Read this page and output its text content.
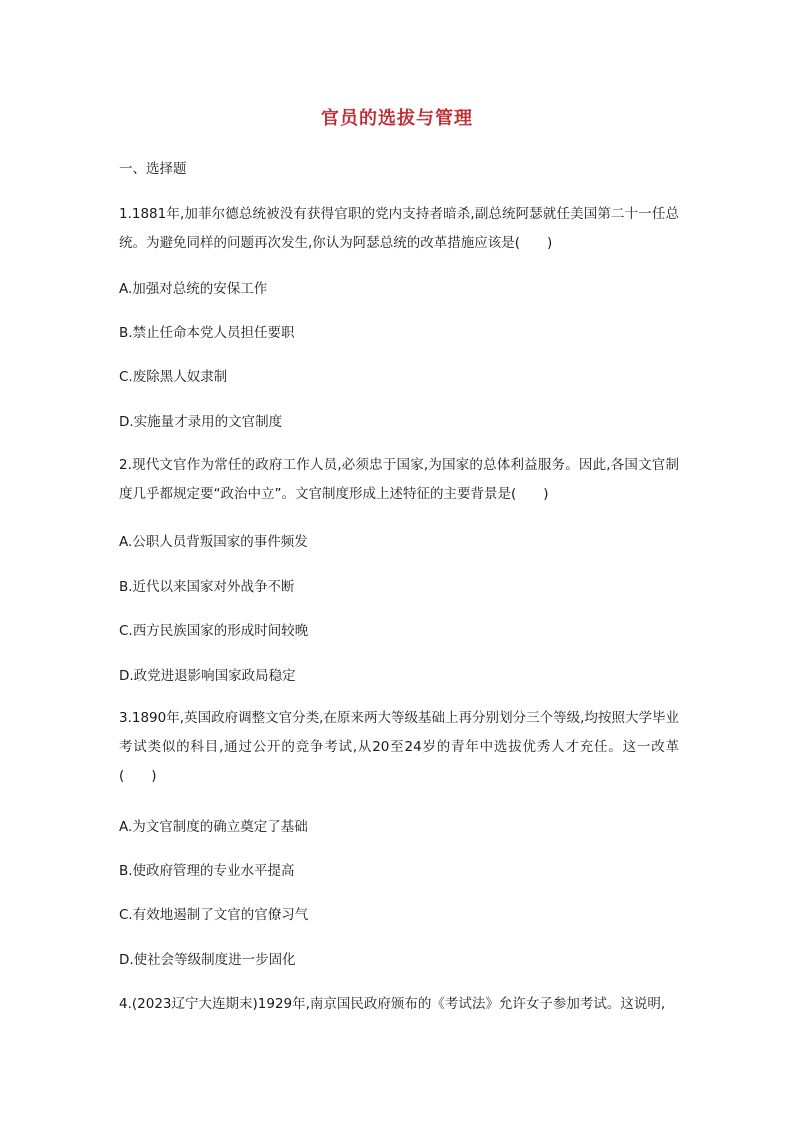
官员的选拔与管理
一、选择题
1.1881年,加菲尔德总统被没有获得官职的党内支持者暗杀,副总统阿瑟就任美国第二十一任总统。为避免同样的问题再次发生,你认为阿瑟总统的改革措施应该是(　　)
A.加强对总统的安保工作
B.禁止任命本党人员担任要职
C.废除黑人奴隶制
D.实施量才录用的文官制度
2.现代文官作为常任的政府工作人员,必须忠于国家,为国家的总体利益服务。因此,各国文官制度几乎都规定要“政治中立”。文官制度形成上述特征的主要背景是(　　)
A.公职人员背叛国家的事件频发
B.近代以来国家对外战争不断
C.西方民族国家的形成时间较晚
D.政党进退影响国家政局稳定
3.1890年,英国政府调整文官分类,在原来两大等级基础上再分别划分三个等级,均按照大学毕业考试类似的科目,通过公开的竞争考试,从20至24岁的青年中选拔优秀人才充任。这一改革(　　)
A.为文官制度的确立奠定了基础
B.使政府管理的专业水平提高
C.有效地遏制了文官的官僚习气
D.使社会等级制度进一步固化
4.(2023辽宁大连期末)1929年,南京国民政府颁布的《考试法》允许女子参加考试。这说明,
